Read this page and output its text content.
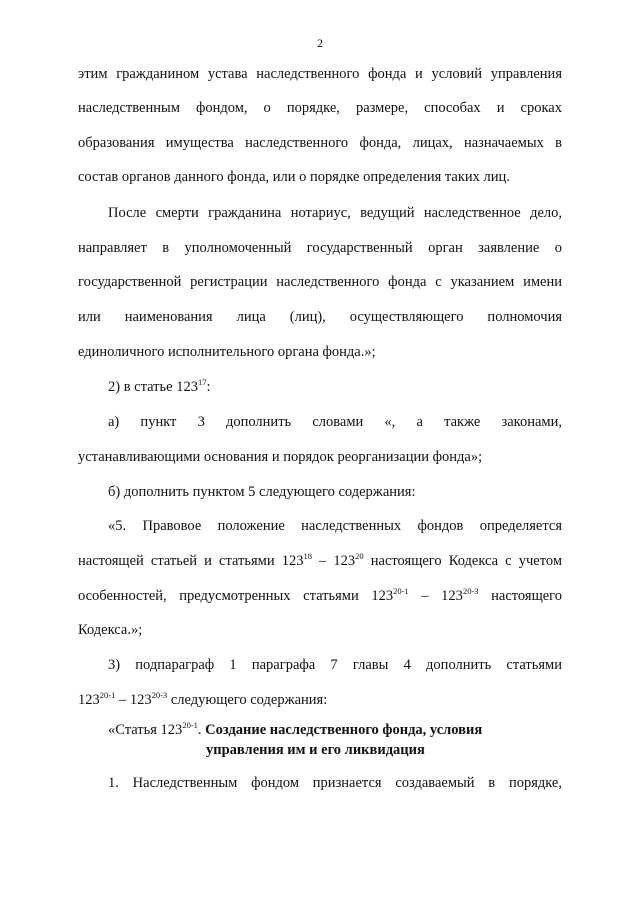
2
этим гражданином устава наследственного фонда и условий управления
наследственным фондом, о порядке, размере, способах и сроках
образования имущества наследственного фонда, лицах, назначаемых в
состав органов данного фонда, или о порядке определения таких лиц.
После смерти гражданина нотариус, ведущий наследственное дело,
направляет в уполномоченный государственный орган заявление о
государственной регистрации наследственного фонда с указанием имени
или наименования лица (лиц), осуществляющего полномочия
единоличного исполнительного органа фонда.»;
2) в статье $123^{17}$:
а) пункт 3 дополнить словами «, а также законами,
устанавливающими основания и порядок реорганизации фонда»;
б) дополнить пунктом 5 следующего содержания:
«5. Правовое положение наследственных фондов определяется
настоящей статьей и статьями $123^{18} - 123^{20}$ настоящего Кодекса с учетом
особенностей, предусмотренных статьями 123$^{20-1}$ – 123$^{20-3}$ настоящего
Кодекса.»;
3) подпараграф 1 параграфа 7 главы 4 дополнить статьями
123$^{20-1}$ – 123$^{20-3}$ следующего содержания:
«Статья 123$^{20-1}$. Создание наследственного фонда, условия
управления им и его ликвидация
1. Наследственным фондом признается создаваемый в порядке,
